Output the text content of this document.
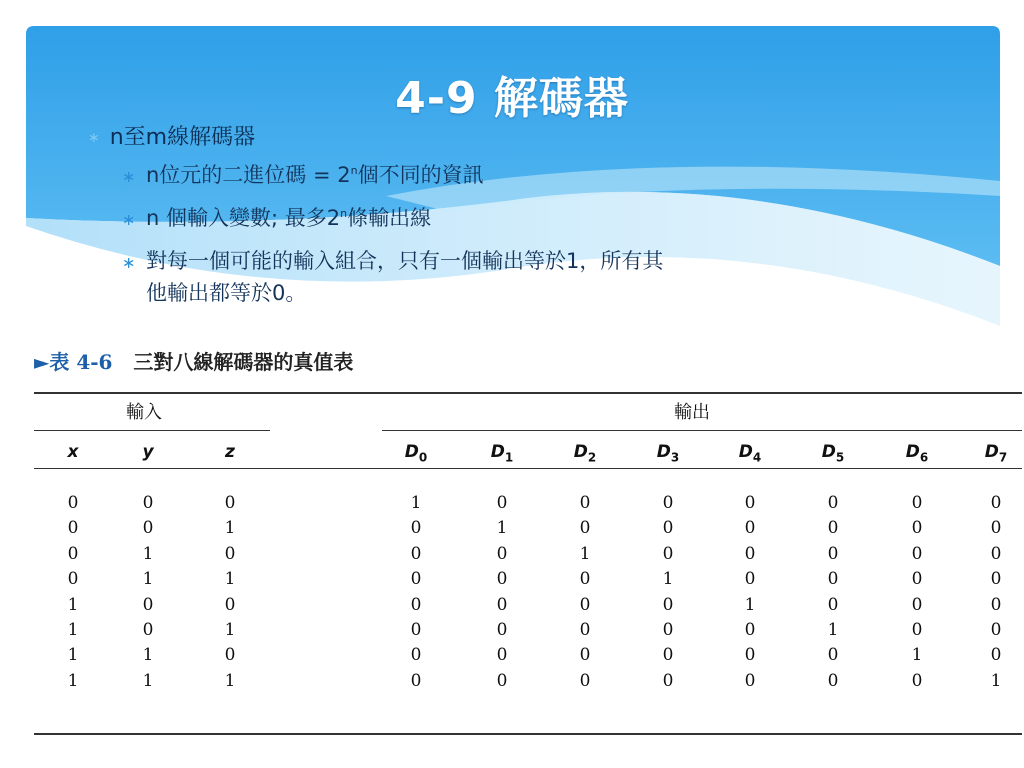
4-9 解碼器
∗ n至m線解碼器
∗ n位元的二進位碼 = $2^n$個不同的資訊
∗ n 個輸入變數; 最多2$^n$條輸出線
∗ 對每一個可能的輸入組合，只有一個輸出等於1，所有其
他輸出都等於0。
►表 4-6 三對八線解碼器的真值表
輸入	輸出
x	y	z	$D_0$	$D_1$	$D_2$	$D_3$	$D_4$	$D_5$	$D_6$	$D_7$
0	0	0	1	0	0	0	0	0	0	0
0	0	1	0	1	0	0	0	0	0	0
0	1	0	0	0	1	0	0	0	0	0
0	1	1	0	0	0	1	0	0	0	0
1	0	0	0	0	0	0	1	0	0	0
1	0	1	0	0	0	0	0	1	0	0
1	1	0	0	0	0	0	0	0	1	0
1	1	1	0	0	0	0	0	0	0	1
